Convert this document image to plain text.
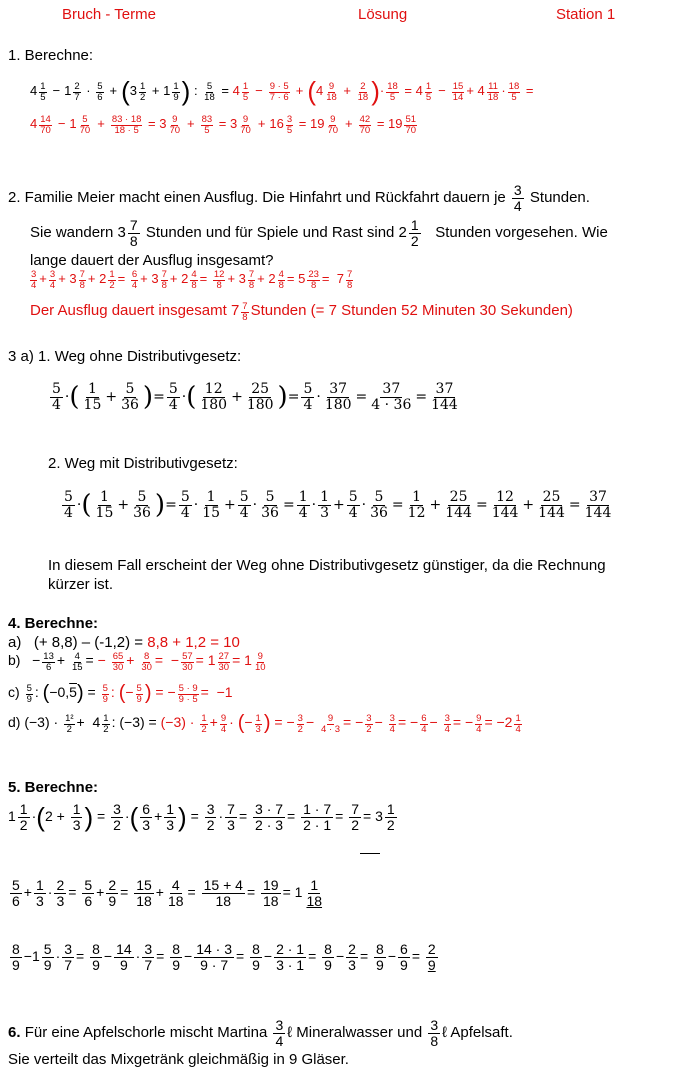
Bruch - Terme	Lösung	Station 1
1. Berechne:
$4 \frac{1}{5} - 1 \frac{2}{7} \cdot \frac{5}{6} + (3 \frac{1}{2} + 1 \frac{1}{9}$ ) : $\frac{5}{18} = 4 \frac{1}{5} - \frac{9 \cdot 5}{7 \cdot 6} + (4 \frac{9}{18} + \frac{2}{18}$ )· $\frac{18}{5} = 4 \frac{1}{5} - \frac{15}{14} + 4 \frac{11}{18} \cdot \frac{18}{5}$ =
$4 \frac{14}{70} - 1 \frac{5}{70} + \frac{83 \cdot 18}{18 \cdot 5} = 3 \frac{9}{70} + \frac{83}{5} = 3 \frac{9}{70} + 16 \frac{3}{5} = 19 \frac{9}{70} + \frac{42}{70} = 19 \frac{51}{70}$
2. Familie Meier macht einen Ausflug. Die Hinfahrt und Rückfahrt dauern je $\frac{3}{4}$ Stunden.
Sie wandern $3 \frac{7}{8}$ Stunden und für Spiele und Rast sind $2 \frac{1}{2}$ Stunden vorgesehen. Wie
lange dauert der Ausflug insgesamt?
$\frac{3}{4} + \frac{3}{4} + 3 \frac{7}{8} + 2 \frac{1}{2} = \frac{6}{4} + 3 \frac{7}{8} + 2 \frac{4}{8} = \frac{12}{8} + 3 \frac{7}{8} + 2 \frac{4}{8} = 5 \frac{23}{8} = 7 \frac{7}{8}$
Der Ausflug dauert insgesamt $7 \frac{7}{8}$ Stunden (= 7 Stunden 52 Minuten 30 Sekunden)
3 a) 1. Weg ohne Distributivgesetz:
$\frac{5}{4}$ ·( $\frac{1}{15} + \frac{5}{36}$ )= $\frac{5}{4}$ ·( $\frac{12}{180} + \frac{25}{180}$ )= $\frac{5}{4} \cdot \frac{37}{180} = \frac{37}{4 \cdot 36} = \frac{37}{144}$
2. Weg mit Distributivgesetz:
$\frac{5}{4}$ ·( $\frac{1}{15} + \frac{5}{36}$ )= $\frac{5}{4} \cdot \frac{1}{15} + \frac{5}{4} \cdot \frac{5}{36} = \frac{1}{4} \cdot \frac{1}{3} + \frac{5}{4} \cdot \frac{5}{36} = \frac{1}{12} + \frac{25}{144} = \frac{12}{144} + \frac{25}{144} = \frac{37}{144}$
In diesem Fall erscheint der Weg ohne Distributivgesetz günstiger, da die Rechnung
kürzer ist.
4. Berechne:
a) (+ 8,8) – (-1,2) = 8,8 + 1,2 = 10
$b) - \frac{13}{6} + \frac{4}{15}$ = − $\frac{65}{30} + \frac{8}{30}$ =  − $\frac{57}{30} = 1 \frac{27}{30} = 1 \frac{9}{10}$
$c) \frac{5}{9}$ : $(-0,5) = \frac{5}{9}$ : (− $\frac{5}{9}$ ) = − $\frac{5 \cdot 9}{9 \cdot 5} = -1$
d) $(-3) \cdot \frac{\text{1²}}{2} + 4 \frac{1}{2}$ : $(-3) = (-3) \cdot \frac{1}{2} + \frac{9}{4}$ · (− $\frac{1}{3}$ ) = − $\frac{3}{2} - \frac{9}{4 \cdot 3}$ = − $\frac{3}{2} - \frac{3}{4}$ = − $\frac{6}{4} - \frac{3}{4}$ = − $\frac{9}{4} = -2 \frac{1}{4}$
5. Berechne:
$1 \frac{1}{2} \cdot(2 + \frac{1}{3}$ ) = $\frac{3}{2}$ ·( $\frac{6}{3} + \frac{1}{3}$ ) = $\frac{3}{2} \cdot \frac{7}{3} = \frac{3 \cdot 7}{2 \cdot 3} = \frac{1 \cdot 7}{2 \cdot 1} = \frac{7}{2} = 3 \frac{1}{2}$
$\frac{5}{6} + \frac{1}{3} \cdot \frac{2}{3} = \frac{5}{6} + \frac{2}{9} = \frac{15}{18} + \frac{4}{18} = \frac{15 + 4}{18} = \frac{19}{18} = 1 \frac{1}{18}$
$\frac{8}{9} -1 \frac{5}{9} \cdot \frac{3}{7} = \frac{8}{9} - \frac{14}{9} \cdot \frac{3}{7} = \frac{8}{9} - \frac{14 \cdot 3}{9 \cdot 7} = \frac{8}{9} - \frac{2 \cdot 1}{3 \cdot 1} = \frac{8}{9} - \frac{2}{3} = \frac{8}{9} - \frac{6}{9} = \frac{2}{9}$
6. Für eine Apfelschorle mischt Martina $\frac{3}{4}$ ℓ Mineralwasser und $\frac{3}{8}$ ℓ Apfelsaft.
Sie verteilt das Mixgetränk gleichmäßig in 9 Gläser.
